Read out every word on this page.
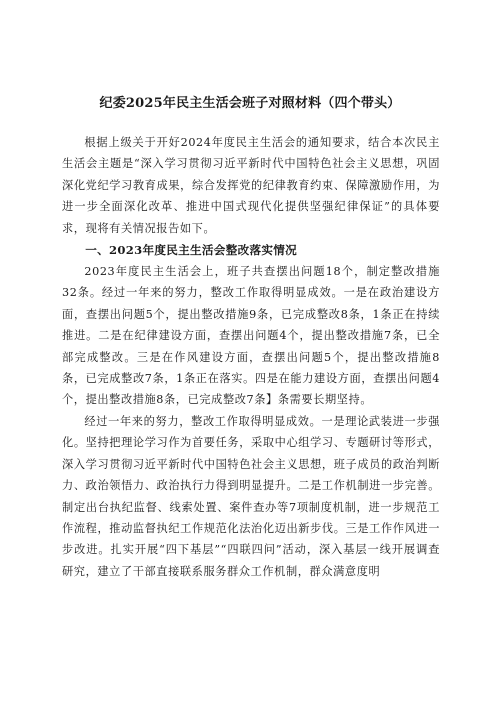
纪委2025年民主生活会班子对照材料（四个带头）

根据上级关于开好2024年度民主生活会的通知要求，结合本次民主生活会主题是“深入学习贯彻习近平新时代中国特色社会主义思想，巩固深化党纪学习教育成果，综合发挥党的纪律教育约束、保障激励作用，为进一步全面深化改革、推进中国式现代化提供坚强纪律保证”的具体要求，现将有关情况报告如下。

一、2023年度民主生活会整改落实情况

2023年度民主生活会上，班子共查摆出问题18个，制定整改措施32条。经过一年来的努力，整改工作取得明显成效。一是在政治建设方面，查摆出问题5个，提出整改措施9条，已完成整改8条，1条正在持续推进。二是在纪律建设方面，查摆出问题4个，提出整改措施7条，已全部完成整改。三是在作风建设方面，查摆出问题5个，提出整改措施8条，已完成整改7条，1条正在落实。四是在能力建设方面，查摆出问题4个，提出整改措施8条，已完成整改7条】条需要长期坚持。

经过一年来的努力，整改工作取得明显成效。一是理论武装进一步强化。坚持把理论学习作为首要任务，采取中心组学习、专题研讨等形式，深入学习贯彻习近平新时代中国特色社会主义思想，班子成员的政治判断力、政治领悟力、政治执行力得到明显提升。二是工作机制进一步完善。制定出台执纪监督、线索处置、案件查办等7项制度机制，进一步规范工作流程，推动监督执纪工作规范化法治化迈出新步伐。三是工作作风进一步改进。扎实开展“四下基层”“四联四问”活动，深入基层一线开展调查研究，建立了干部直接联系服务群众工作机制，群众满意度明
